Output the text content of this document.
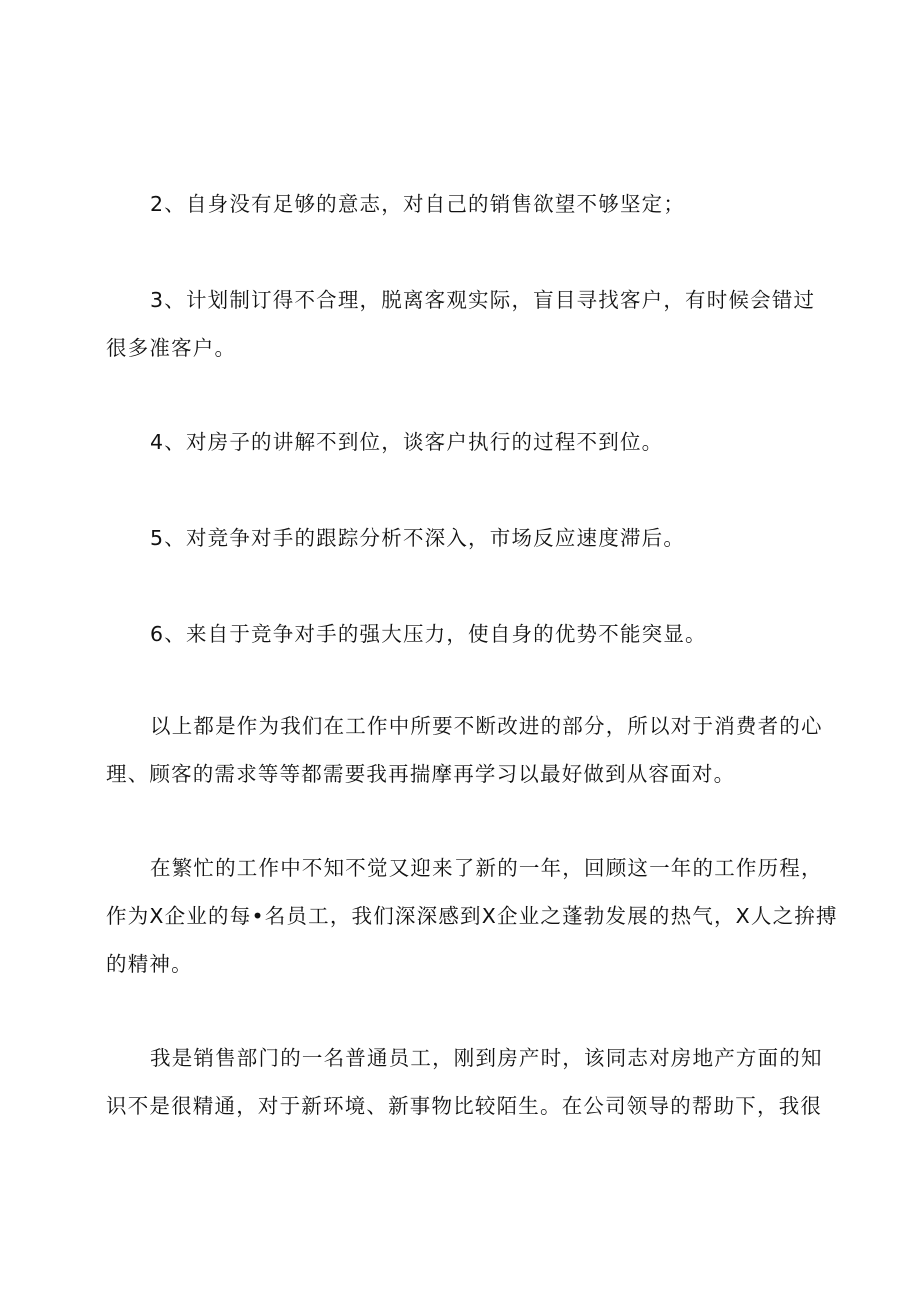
2、自身没有足够的意志，对自己的销售欲望不够坚定；

3、计划制订得不合理，脱离客观实际，盲目寻找客户，有时候会错过
很多准客户。

4、对房子的讲解不到位，谈客户执行的过程不到位。

5、对竞争对手的跟踪分析不深入，市场反应速度滞后。

6、来自于竞争对手的强大压力，使自身的优势不能突显。

以上都是作为我们在工作中所要不断改进的部分，所以对于消费者的心
理、顾客的需求等等都需要我再揣摩再学习以最好做到从容面对。

在繁忙的工作中不知不觉又迎来了新的一年，回顾这一年的工作历程，
作为X企业的每•名员工，我们深深感到X企业之蓬勃发展的热气，X人之拚搏
的精神。

我是销售部门的一名普通员工，刚到房产时，该同志对房地产方面的知
识不是很精通，对于新环境、新事物比较陌生。在公司领导的帮助下，我很
